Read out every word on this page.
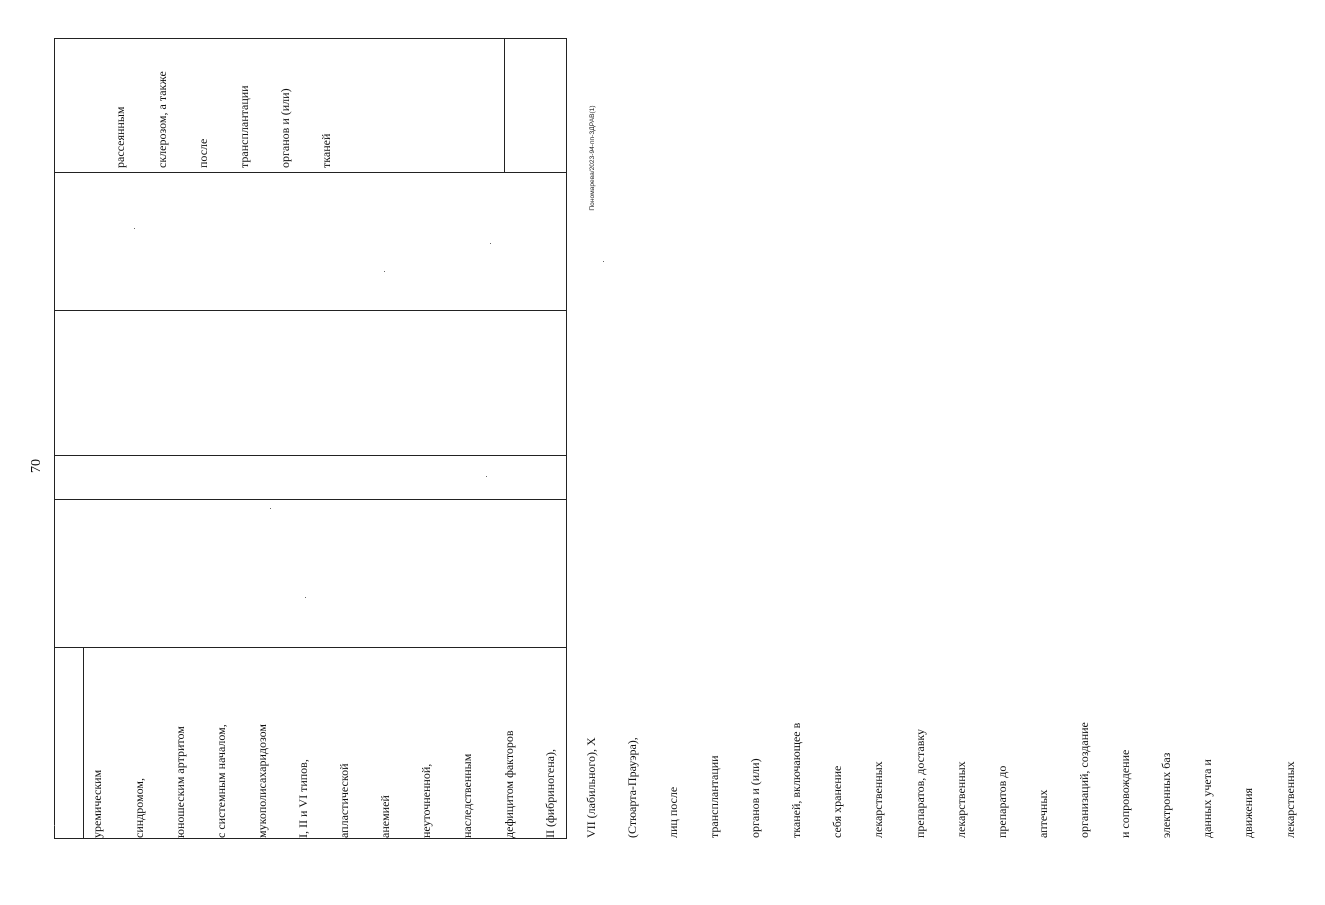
70
Пономарева/2023-94-пп-ЗДРАВ(1)

уремическим

синдромом,

юношеским артритом

с системным началом,

мукополисахаридозом

I, II и VI типов,

апластической

анемией

неуточненной,

наследственным

дефицитом факторов

II (фибриногена),

VII (лабильного), X

(Стюарта-Прауэра),

лиц после

трансплантации

органов и (или)

тканей, включающее в

себя хранение

лекарственных

препаратов, доставку

лекарственных

препаратов до

аптечных

организаций, создание

и сопровождение

электронных баз

данных учета и

движения

лекарственных

рассеянным

склерозом, а также

после

трансплантации

органов и (или)

тканей
